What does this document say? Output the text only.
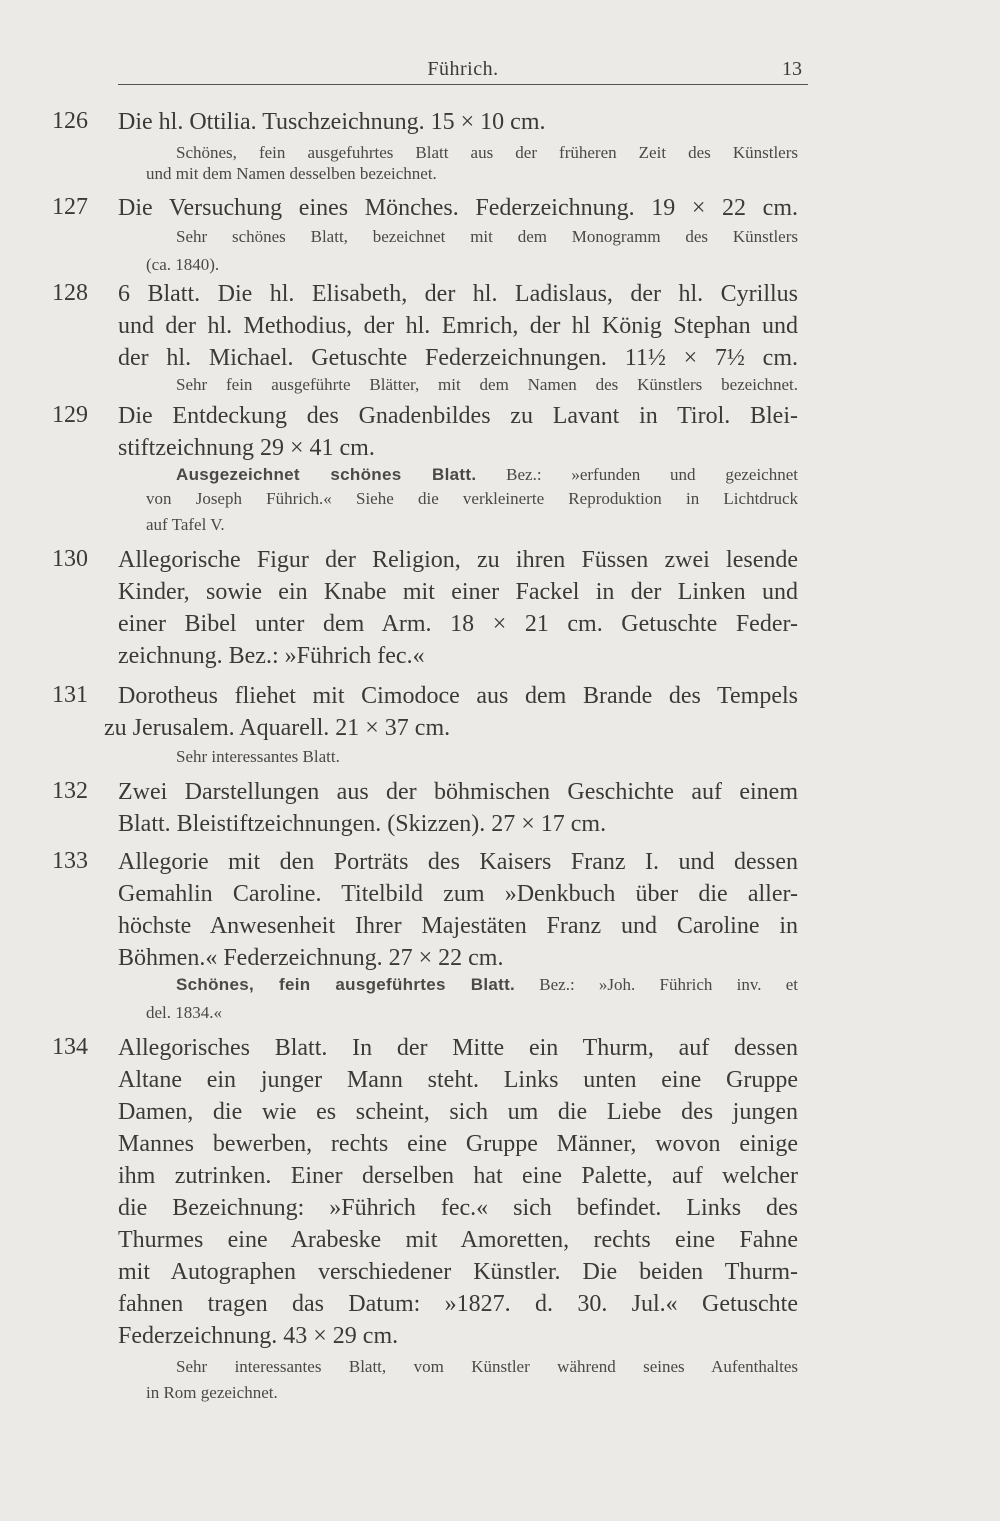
Führich.	13
126 Die hl. Ottilia. Tuschzeichnung. 15 × 10 cm.
Schönes, fein ausgefuhrtes Blatt aus der früheren Zeit des Künstlers
und mit dem Namen desselben bezeichnet.
127 Die Versuchung eines Mönches. Federzeichnung. 19 × 22 cm.
Sehr schönes Blatt, bezeichnet mit dem Monogramm des Künstlers
(ca. 1840).
128 6 Blatt. Die hl. Elisabeth, der hl. Ladislaus, der hl. Cyrillus
und der hl. Methodius, der hl. Emrich, der hl König Stephan und
der hl. Michael. Getuschte Federzeichnungen. 11½ × 7½ cm.
Sehr fein ausgeführte Blätter, mit dem Namen des Künstlers bezeichnet.
129 Die Entdeckung des Gnadenbildes zu Lavant in Tirol. Blei-
stiftzeichnung 29 × 41 cm.
Ausgezeichnet schönes Blatt. Bez.: »erfunden und gezeichnet
von Joseph Führich.« Siehe die verkleinerte Reproduktion in Lichtdruck
auf Tafel V.
130 Allegorische Figur der Religion, zu ihren Füssen zwei lesende
Kinder, sowie ein Knabe mit einer Fackel in der Linken und
einer Bibel unter dem Arm. 18 × 21 cm. Getuschte Feder-
zeichnung. Bez.: »Führich fec.«
131 Dorotheus fliehet mit Cimodoce aus dem Brande des Tempels
zu Jerusalem. Aquarell. 21 × 37 cm.
Sehr interessantes Blatt.
132 Zwei Darstellungen aus der böhmischen Geschichte auf einem
Blatt. Bleistiftzeichnungen. (Skizzen). 27 × 17 cm.
133 Allegorie mit den Porträts des Kaisers Franz I. und dessen
Gemahlin Caroline. Titelbild zum »Denkbuch über die aller-
höchste Anwesenheit Ihrer Majestäten Franz und Caroline in
Böhmen.« Federzeichnung. 27 × 22 cm.
Schönes, fein ausgeführtes Blatt. Bez.: »Joh. Führich inv. et
del. 1834.«
134 Allegorisches Blatt. In der Mitte ein Thurm, auf dessen
Altane ein junger Mann steht. Links unten eine Gruppe
Damen, die wie es scheint, sich um die Liebe des jungen
Mannes bewerben, rechts eine Gruppe Männer, wovon einige
ihm zutrinken. Einer derselben hat eine Palette, auf welcher
die Bezeichnung: »Führich fec.« sich befindet. Links des
Thurmes eine Arabeske mit Amoretten, rechts eine Fahne
mit Autographen verschiedener Künstler. Die beiden Thurm-
fahnen tragen das Datum: »1827. d. 30. Jul.« Getuschte
Federzeichnung. 43 × 29 cm.
Sehr interessantes Blatt, vom Künstler während seines Aufenthaltes
in Rom gezeichnet.
